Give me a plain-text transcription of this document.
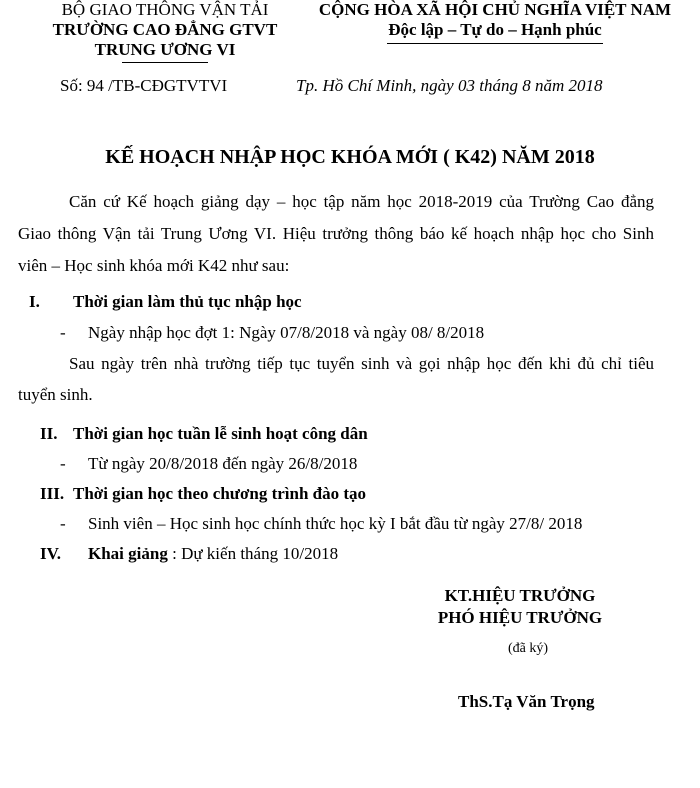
BỘ GIAO THÔNG VẬN TẢI
TRƯỜNG CAO ĐẲNG GTVT
TRUNG ƯƠNG VI
CỘNG HÒA XÃ HỘI CHỦ NGHĨA VIỆT NAM
Độc lập – Tự do – Hạnh phúc
Số: 94 /TB-CĐGTVTVI	Tp. Hồ Chí Minh, ngày 03 tháng 8 năm 2018
KẾ HOẠCH NHẬP HỌC KHÓA MỚI ( K42) NĂM 2018
Căn cứ Kế hoạch giảng dạy – học tập năm học 2018-2019 của Trường Cao đẳng
Giao thông Vận tải Trung Ương VI. Hiệu trưởng thông báo kế hoạch nhập học cho Sinh
viên – Học sinh khóa mới K42 như sau:
I. Thời gian làm thủ tục nhập học
- Ngày nhập học đợt 1: Ngày 07/8/2018 và ngày 08/ 8/2018
Sau ngày trên nhà trường tiếp tục tuyển sinh và gọi nhập học đến khi đủ chỉ tiêu
tuyển sinh.
II. Thời gian học tuần lễ sinh hoạt công dân
- Từ ngày 20/8/2018 đến ngày 26/8/2018
III. Thời gian học theo chương trình đào tạo
- Sinh viên – Học sinh học chính thức học kỳ I bắt đầu từ ngày 27/8/ 2018
IV. Khai giảng : Dự kiến tháng 10/2018
KT.HIỆU TRƯỞNG
PHÓ HIỆU TRƯỞNG
(đã ký)
ThS.Tạ Văn Trọng
